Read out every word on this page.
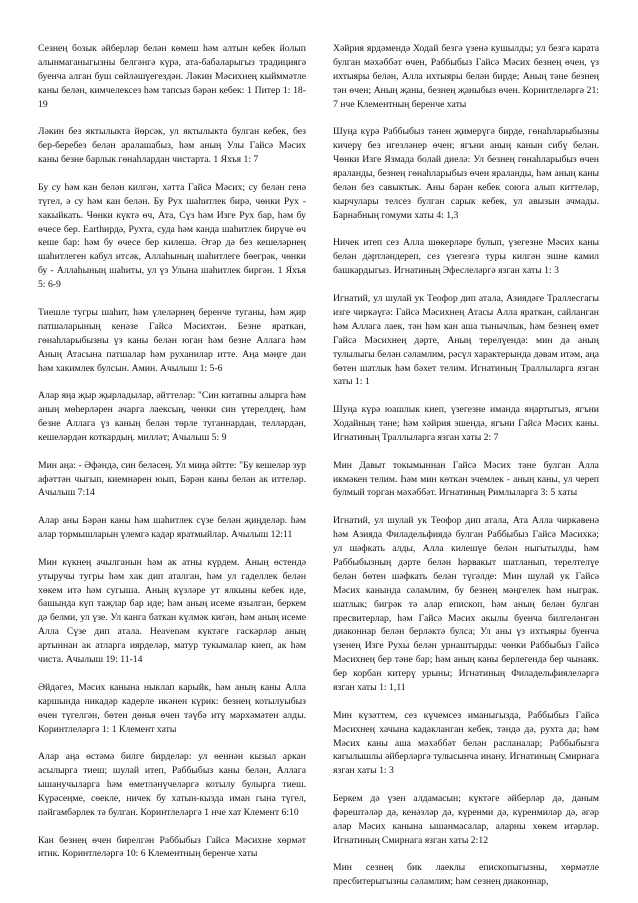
Сезнең бозык әйберләр белән көмеш һәм алтын кебек йолып алынмаганыгызны белгәнгә күрә, ата-бабаларыгыз традициягә буенча алган буш сөйләшүегездән. Ләкин Мәсихнең кыйммәтле каны белән, кимчелексез һәм тапсыз бәрән кебек: 1 Питер 1: 18-19

Ләкин без яктылыкта йөрсәк, ул яктылыкта булган кебек, без бер-беребез белән аралашабыз, һәм аның Улы Гайсә Мәсих каны безне барлык гөнаһлардан чистарта. 1 Яхъя 1: 7

Бу су һәм кан белән килгән, хәтта Гайсә Мәсих; су белән генә түгел, ә су һәм кан белән. Бу Рух шаһитлек бирә, чөнки Рух - хакыйкать. Чөнки күктә өч, Ата, Сүз һәм Изге Рух бар, һәм бу өчесе бер. Earthирдә, Рухта, суда һәм канда шаһитлек бирүче өч кеше бар: һәм бу өчесе бер килешә. Әгәр дә без кешеләрнең шаһитлеген кабул итсәк, Аллаһының шаһитлеге бөегрәк, чөнки бу - Аллаһының шаһиты, ул үз Улына шаһитлек биргән. 1 Яхъя 5: 6-9

Тиешле тугры шаһит, һәм үлеләрнең беренче туганы, һәм җир патшаларының кенәзе Гайсә Мәсихтән. Безне яраткан, гөнаһларыбызны үз каны белән юган һәм безне Аллага һәм Аның Атасына патшалар һәм руханилар итте. Аңа мәңге дан һәм хакимлек булсын. Амин. Ачылыш 1: 5-6

Алар яңа җыр җырладылар, әйттеләр: "Син китапны алырга һәм аның мөһерләрен ачарга лаексың, чөнки син үтерелдең, һәм безне Аллага үз каның белән төрле туганнардан, телләрдән, кешеләрдән коткардың. милләт; Ачылыш 5: 9

Мин аңа: - Әфәндә, син беләсең. Ул миңа әйтте: "Бу кешеләр зур афәттән чыгып, киемнәрен юып, Бәрән каны белән ак иттеләр. Ачылыш 7:14

Алар аны Бәрән каны һәм шаһитлек сүзе белән җиңделәр. һәм алар тормышларын үлемгә кадәр яратмыйлар. Ачылыш 12:11

Мин күкнең ачылганын һәм ак атны күрдем. Аның өстендә утыручы тугры һәм хак дип аталган, һәм ул гаделлек белән хөкем итә һәм сугыша. Аның күзләре ут ялкыны кебек иде, башында күп таҗлар бар иде; һәм аның исеме язылган, беркем дә белми, ул үзе. Ул канга баткан күлмәк кигән, һәм аның исеме Алла Сүзе дип атала. Heavenәм күктәге гаскәрләр аның артыннан ак атларга иярделәр, матур тукымалар киеп, ак һәм чиста. Ачылыш 19: 11-14

Әйдәгез, Мәсих канына ныклап карыйк, һәм аның каны Алла каршында никадәр кадерле икәнен күрик: безнең котылуыбыз өчен түгелгән, бөтен дөнья өчен тәүбә итү мәрхәмәтен алды. Коринтлеләргә 1: 1 Клемент хаты

Алар аңа өстәмә билге бирделәр: ул өеннән кызыл аркан асылырга тиеш; шулай итеп, Раббыбыз каны белән, Аллага ышанучыларга һәм өметләнүчеләргә котылу булырга тиеш. Күрәсеңме, сөекле, ничек бу хатын-кызда иман гына түгел, пәйгамбәрлек тә булган. Коринтлеләргә 1 нче хат Клемент 6:10

Кан безнең өчен бирелгән Раббыбыз Гайсә Мәсихне хөрмәт итик. Коринтлеләргә 10: 6 Клементның беренче хаты

Хәйрия ярдәмендә Ходай безгә үзенә кушылды; ул безгә карата булган мәхәббәт өчен, Раббыбыз Гайсә Мәсих безнең өчен, үз ихтыяры белән, Алла ихтыяры белән бирде; Аның тәне безнең тән өчен; Аның җаны, безнең җаныбыз өчен. Коринтлеләргә 21: 7 нче Клементның беренче хаты

Шуңа күрә Раббыбыз тәнен җимерүгә бирде, гөнаһларыбызны кичерү без игезләнер өчен; ягъни аның канын сибү белән. Чөнки Изге Язмада болай диелә: Ул безнең гөнаһларыбыз өчен яраланды, безнең гөнаһларыбыз өчен яраланды, һәм аның каны белән без савыктык. Аны бәрән кебек союга алып киттеләр, кырчулары телсез булган сарык кебек, ул авызын ачмады. Барнабның гомуми хаты 4: 1,3

Ничек итеп сез Алла шөкерләре булып, үзегезне Мәсих каны белән дәртләндереп, сез үзегезгә туры килгән эшне камил башкардыгыз. Игнатиның Эфеслеләргә язган хаты 1: 3

Игнатий, ул шулай ук Теофор дип атала, Азиядәге Траллесгагы изге чиркәүгә: Гайсә Мәсихнең Атасы Алла яраткан, сайланган һәм Аллага лаек, тән һәм кан аша тынычлык, һәм безнең өмет Гайсә Мәсихнең дәрте, Аның терелүендә: мин дә аның тулылыгы белән сәламлим, рәсүл характерында дәвам итәм, аңа бөтен шатлык һәм бәхет телим. Игнатиның Траллыларга язган хаты 1: 1

Шуңа күрә юашлык киеп, үзегезне иманда яңартыгыз, ягъни Ходайның тәне; һәм хәйрия эшендә, ягъни Гайсә Мәсих каны. Игнатиның Траллыларга язган хаты 2: 7

Мин Давыт токымыннан Гайсә Мәсих тәне булган Алла икмәкен телим. Һәм мин көткән эчемлек - аның каны, ул череп булмый торган мәхәббәт. Игнатиның Римлыларга 3: 5 хаты

Игнатий, ул шулай ук Теофор дип атала, Ата Алла чиркәвенә һәм Азияда Филадельфиядә булган Раббыбыз Гайсә Мәсихкә; ул шәфкать алды, Алла килешүе белән ныгытылды, һәм Раббыбызның дәрте белән һәрвакыт шатланып, терелтелүе белән бөтен шәфкать белән түгәлде: Мин шулай ук Гайсә Мәсих канында сәламлим, бу безнең мәңгелек һәм ныграк. шатлык; бигрәк тә алар епископ, һәм аның белән булган пресвитерлар, һәм Гайсә Мәсих акылы буенча билгеләнгән диаконнар белән берләктә булса; Ул аны үз ихтыяры буенча үзенең Изге Рухы белән урнаштырды: чөнки Раббыбыз Гайсә Мәсихнең бер тәне бар; һәм аның каны берлегендә бер чынаяк. бер корбан китерү урыны; Игнатиның Филадельфиялеләргә язган хаты 1: 1,11

Мин күзәттем, сез күчемсез иманыгызда, Раббыбыз Гайсә Мәсихнең хачына кадакланган кебек, тәндә дә, рухта да; һәм Мәсих каны аша мәхәббәт белән расланалар; Раббыбызга кагылышлы әйберләргә тулысынча инану. Игнатиның Смирнага язган хаты 1: 3

Беркем дә үзен алдамасын; күктәге әйберләр дә, даным фәрештәләр дә, кенәзләр дә, күренми дә, күренмиләр дә, әгәр алар Мәсих канына ышанмасалар, аларны хөкем итәрләр. Игнатиның Смирнага язган хаты 2:12

Мин сезнең бик лаеклы епископыгызны, хөрмәтле пресбитерыгызны сәламлим; һәм сезнең диаконнар,
